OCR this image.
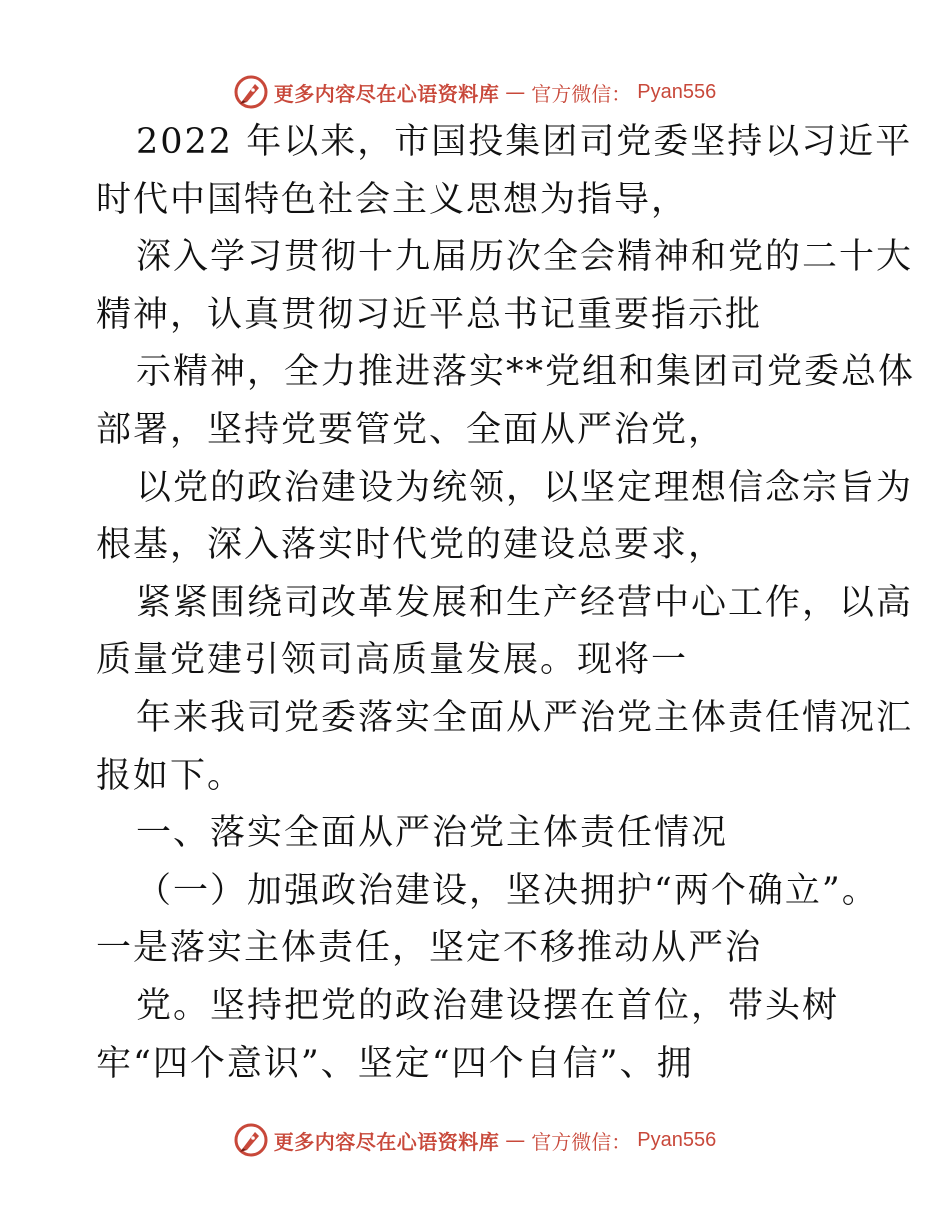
更多内容尽在心语资料库 — 官方微信： Pyan556
2022 年以来，市国投集团司党委坚持以习近平
时代中国特色社会主义思想为指导，
深入学习贯彻十九届历次全会精神和党的二十大
精神，认真贯彻习近平总书记重要指示批
示精神，全力推进落实**党组和集团司党委总体
部署，坚持党要管党、全面从严治党，
以党的政治建设为统领，以坚定理想信念宗旨为
根基，深入落实时代党的建设总要求，
紧紧围绕司改革发展和生产经营中心工作，以高
质量党建引领司高质量发展。现将一
年来我司党委落实全面从严治党主体责任情况汇
报如下。
一、落实全面从严治党主体责任情况
（一）加强政治建设，坚决拥护“两个确立”。
一是落实主体责任，坚定不移推动从严治
党。坚持把党的政治建设摆在首位，带头树
牢“四个意识”、坚定“四个自信”、拥
更多内容尽在心语资料库 — 官方微信： Pyan556
